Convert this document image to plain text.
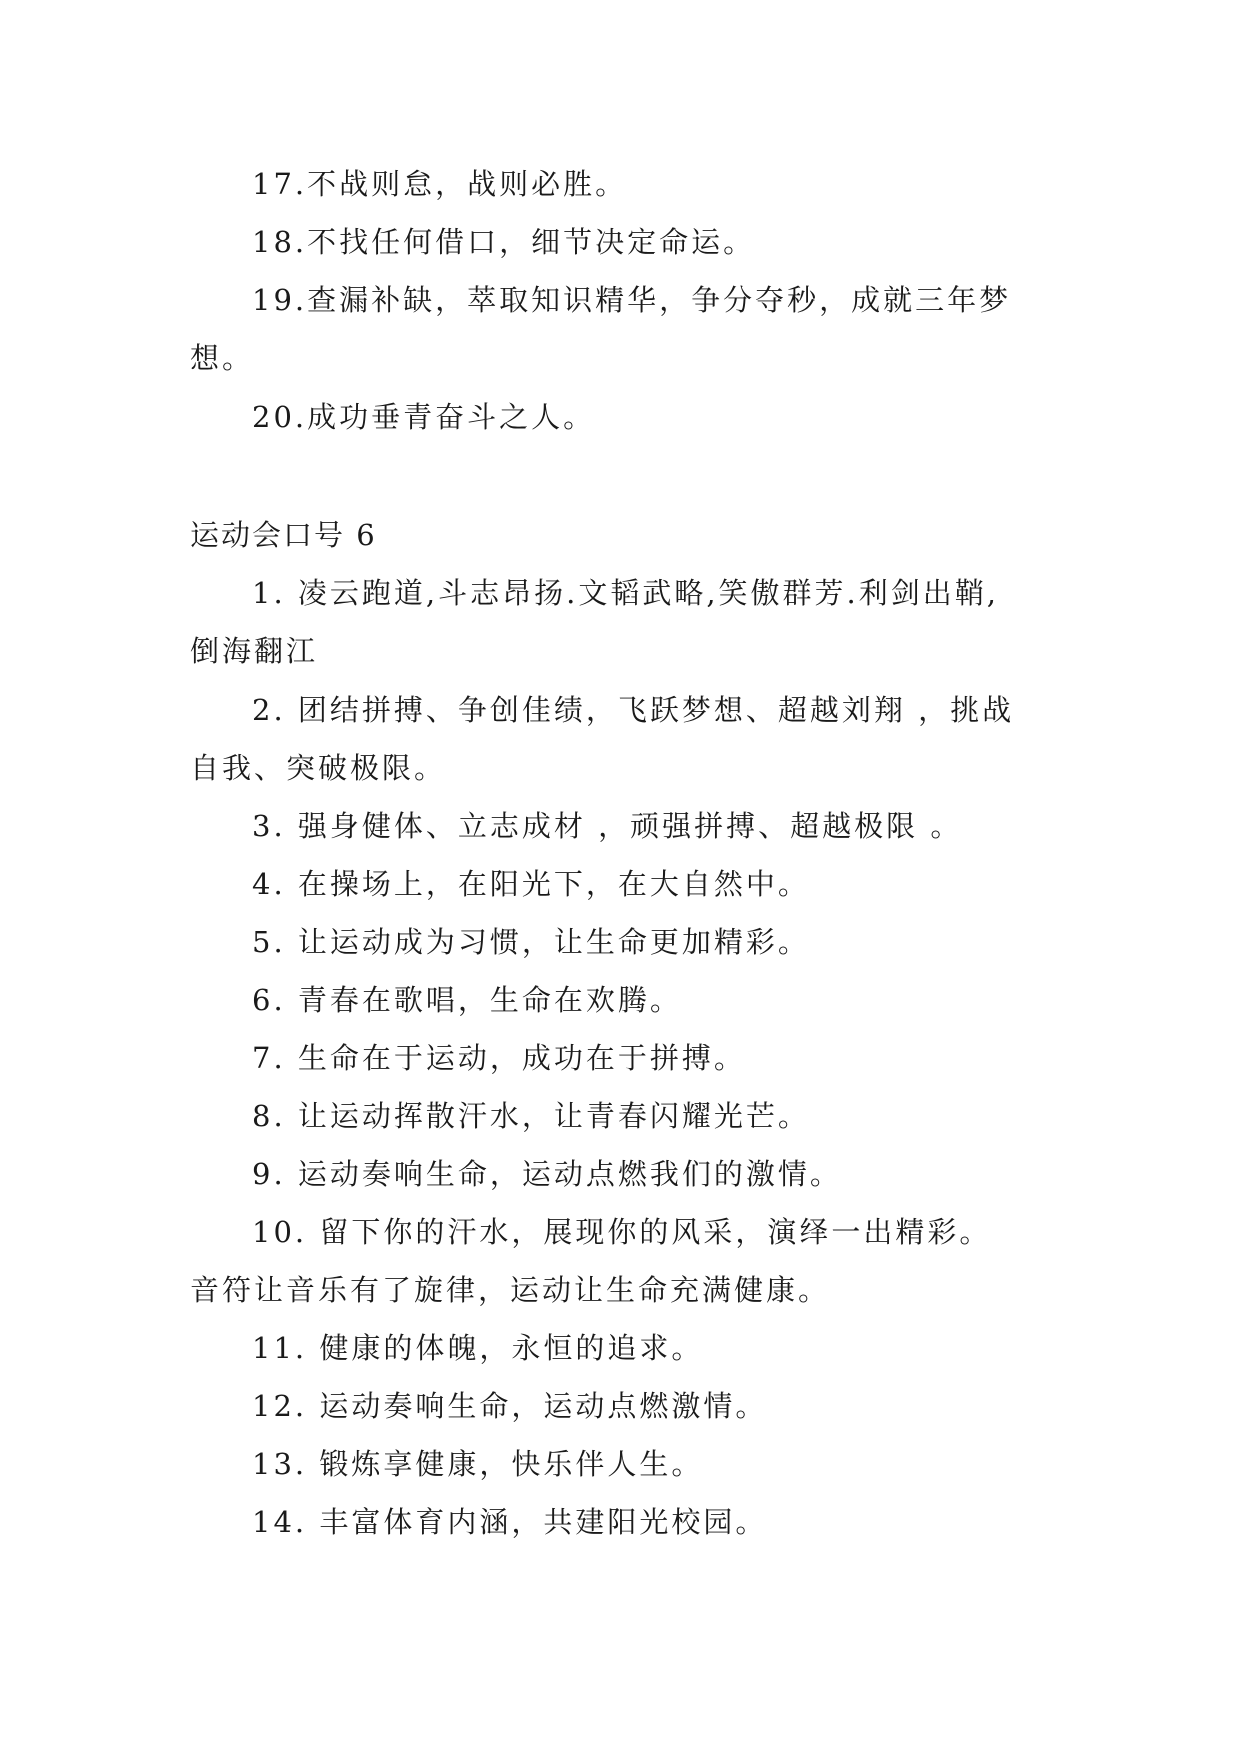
17.不战则怠，战则必胜。
18.不找任何借口，细节决定命运。
19.查漏补缺，萃取知识精华，争分夺秒，成就三年梦
想。
20.成功垂青奋斗之人。
运动会口号 6
1. 凌云跑道,斗志昂扬.文韬武略,笑傲群芳.利剑出鞘,
倒海翻江
2. 团结拼搏、争创佳绩，飞跃梦想、超越刘翔 ，挑战
自我、突破极限。
3. 强身健体、立志成材 ，顽强拼搏、超越极限 。
4. 在操场上，在阳光下，在大自然中。
5. 让运动成为习惯，让生命更加精彩。
6. 青春在歌唱，生命在欢腾。
7. 生命在于运动，成功在于拼搏。
8. 让运动挥散汗水，让青春闪耀光芒。
9. 运动奏响生命，运动点燃我们的激情。
10. 留下你的汗水，展现你的风采，演绎一出精彩。
音符让音乐有了旋律，运动让生命充满健康。
11. 健康的体魄，永恒的追求。
12. 运动奏响生命，运动点燃激情。
13. 锻炼享健康，快乐伴人生。
14. 丰富体育内涵，共建阳光校园。
